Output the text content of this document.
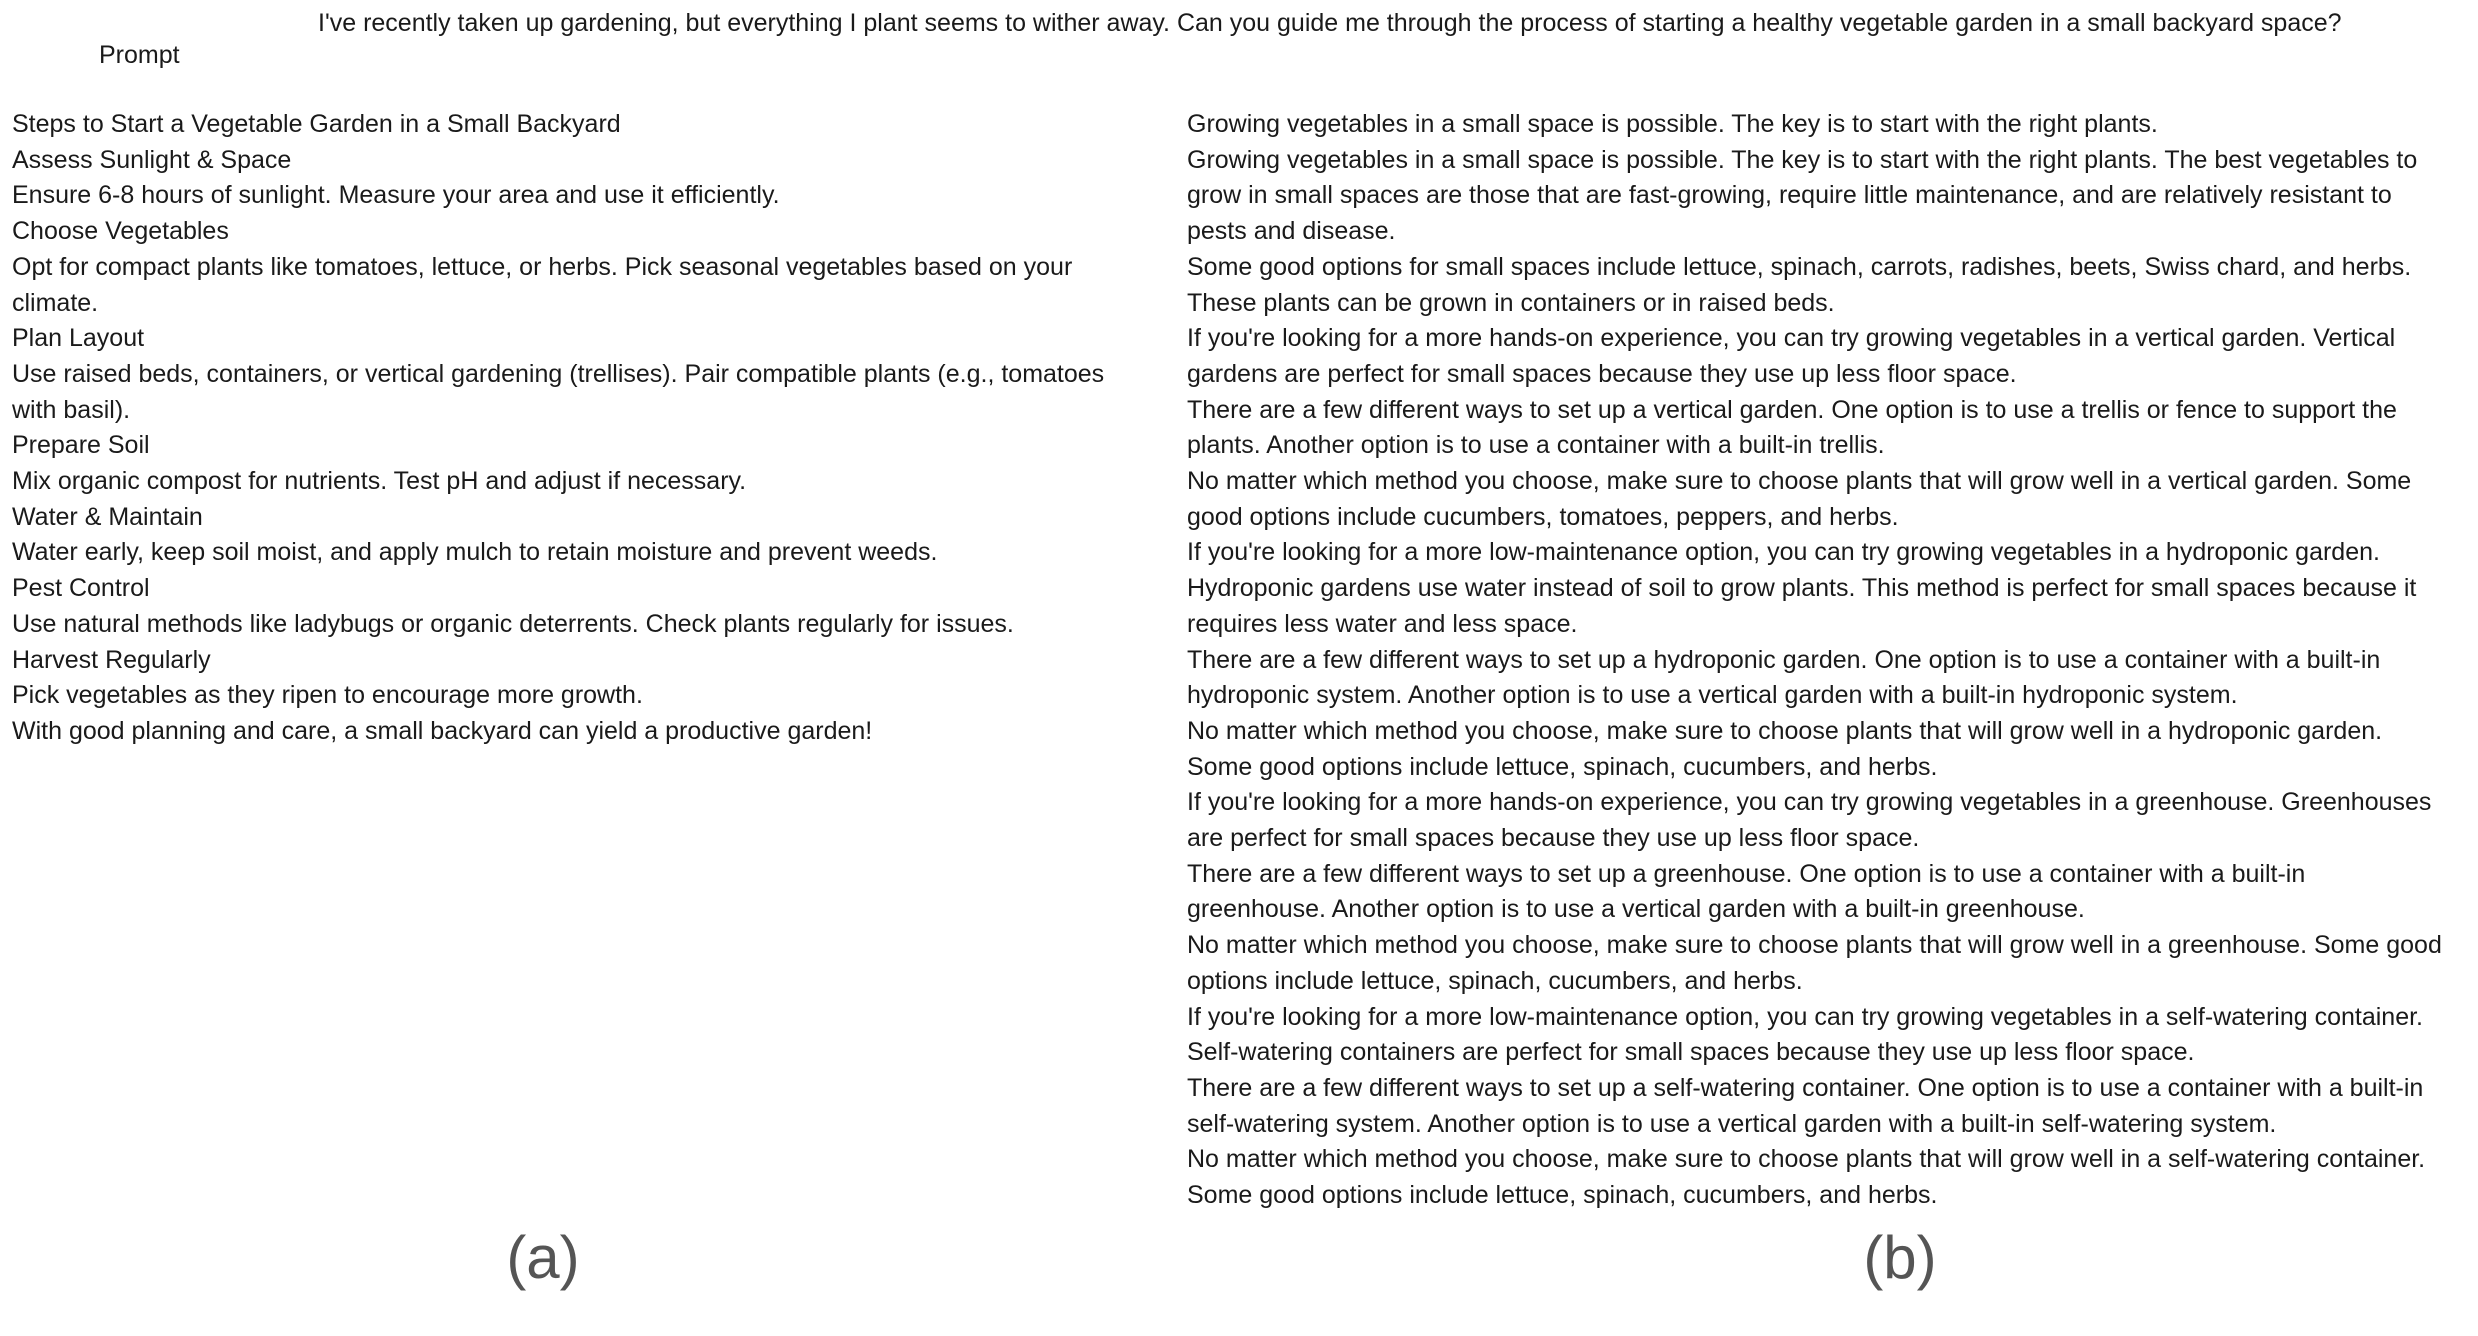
I've recently taken up gardening, but everything I plant seems to wither away. Can you guide me through the process of starting a healthy vegetable garden in a small backyard space?
Prompt

Steps to Start a Vegetable Garden in a Small Backyard

Assess Sunlight & Space

Ensure 6-8 hours of sunlight. Measure your area and use it efficiently.

Choose Vegetables

Opt for compact plants like tomatoes, lettuce, or herbs. Pick seasonal vegetables based on your

climate.

Plan Layout

Use raised beds, containers, or vertical gardening (trellises). Pair compatible plants (e.g., tomatoes

with basil).

Prepare Soil

Mix organic compost for nutrients. Test pH and adjust if necessary.

Water & Maintain

Water early, keep soil moist, and apply mulch to retain moisture and prevent weeds.

Pest Control

Use natural methods like ladybugs or organic deterrents. Check plants regularly for issues.

Harvest Regularly

Pick vegetables as they ripen to encourage more growth.

With good planning and care, a small backyard can yield a productive garden!

Growing vegetables in a small space is possible. The key is to start with the right plants.

Growing vegetables in a small space is possible. The key is to start with the right plants. The best vegetables to

grow in small spaces are those that are fast-growing, require little maintenance, and are relatively resistant to

pests and disease.

Some good options for small spaces include lettuce, spinach, carrots, radishes, beets, Swiss chard, and herbs.

These plants can be grown in containers or in raised beds.

If you're looking for a more hands-on experience, you can try growing vegetables in a vertical garden. Vertical

gardens are perfect for small spaces because they use up less floor space.

There are a few different ways to set up a vertical garden. One option is to use a trellis or fence to support the

plants. Another option is to use a container with a built-in trellis.

No matter which method you choose, make sure to choose plants that will grow well in a vertical garden. Some

good options include cucumbers, tomatoes, peppers, and herbs.

If you're looking for a more low-maintenance option, you can try growing vegetables in a hydroponic garden.

Hydroponic gardens use water instead of soil to grow plants. This method is perfect for small spaces because it

requires less water and less space.

There are a few different ways to set up a hydroponic garden. One option is to use a container with a built-in

hydroponic system. Another option is to use a vertical garden with a built-in hydroponic system.

No matter which method you choose, make sure to choose plants that will grow well in a hydroponic garden.

Some good options include lettuce, spinach, cucumbers, and herbs.

If you're looking for a more hands-on experience, you can try growing vegetables in a greenhouse. Greenhouses

are perfect for small spaces because they use up less floor space.

There are a few different ways to set up a greenhouse. One option is to use a container with a built-in

greenhouse. Another option is to use a vertical garden with a built-in greenhouse.

No matter which method you choose, make sure to choose plants that will grow well in a greenhouse. Some good

options include lettuce, spinach, cucumbers, and herbs.

If you're looking for a more low-maintenance option, you can try growing vegetables in a self-watering container.

Self-watering containers are perfect for small spaces because they use up less floor space.

There are a few different ways to set up a self-watering container. One option is to use a container with a built-in

self-watering system. Another option is to use a vertical garden with a built-in self-watering system.

No matter which method you choose, make sure to choose plants that will grow well in a self-watering container.

Some good options include lettuce, spinach, cucumbers, and herbs.

(a)	(b)
